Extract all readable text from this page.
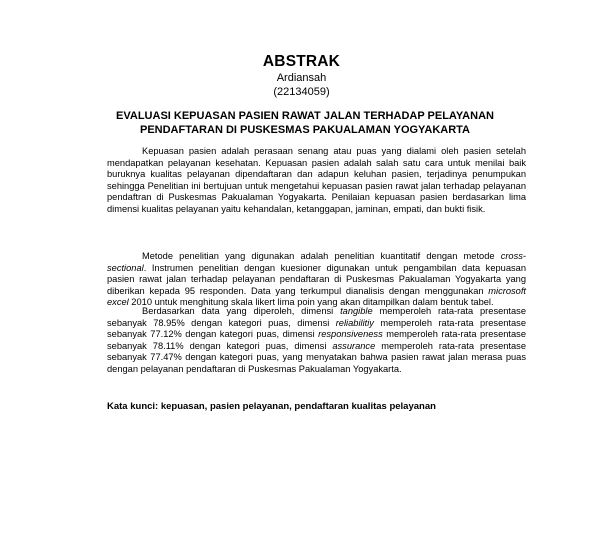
ABSTRAK
Ardiansah
(22134059)
EVALUASI KEPUASAN PASIEN RAWAT JALAN TERHADAP PELAYANAN PENDAFTARAN DI PUSKESMAS PAKUALAMAN YOGYAKARTA

Kepuasan pasien adalah perasaan senang atau puas yang dialami oleh pasien setelah mendapatkan pelayanan kesehatan. Kepuasan pasien adalah salah satu cara untuk menilai baik buruknya kualitas pelayanan dipendaftaran dan adapun keluhan pasien, terjadinya penumpukan sehingga Penelitian ini bertujuan untuk mengetahui kepuasan pasien rawat jalan terhadap pelayanan pendaftran di Puskesmas Pakualaman Yogyakarta. Penilaian kepuasan pasien berdasarkan lima dimensi kualitas pelayanan yaitu kehandalan, ketanggapan, jaminan, empati, dan bukti fisik.

Metode penelitian yang digunakan adalah penelitian kuantitatif dengan metode cross-sectional. Instrumen penelitian dengan kuesioner digunakan untuk pengambilan data kepuasan pasien rawat jalan terhadap pelayanan pendaftaran di Puskesmas Pakualaman Yogyakarta yang diberikan kepada 95 responden. Data yang terkumpul dianalisis dengan menggunakan microsoft excel 2010 untuk menghitung skala likert lima poin yang akan ditampilkan dalam bentuk tabel.

Berdasarkan data yang diperoleh, dimensi tangible memperoleh rata-rata presentase sebanyak 78.95% dengan kategori puas, dimensi reliabilitiy memperoleh rata-rata presentase sebanyak 77.12% dengan kategori puas, dimensi responsiveness memperoleh rata-rata presentase sebanyak 78.11% dengan kategori puas, dimensi assurance memperoleh rata-rata presentase sebanyak 77.47% dengan kategori puas, yang menyatakan bahwa pasien rawat jalan merasa puas dengan pelayanan pendaftaran di Puskesmas Pakualaman Yogyakarta.

Kata kunci: kepuasan, pasien pelayanan, pendaftaran kualitas pelayanan
